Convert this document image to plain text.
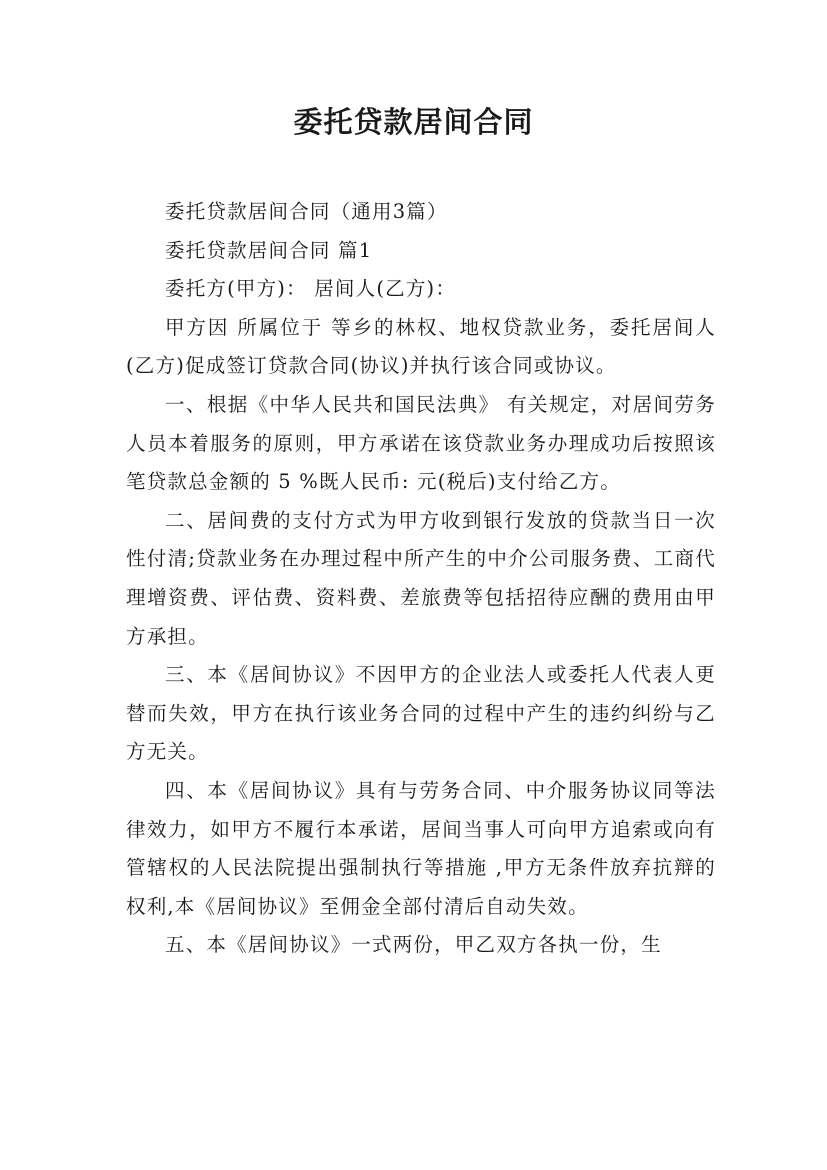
委托贷款居间合同

委托贷款居间合同（通用3篇）

委托贷款居间合同 篇1

委托方(甲方)： 居间人(乙方)：

甲方因 所属位于 等乡的林权、地权贷款业务，委托居间人(乙方)促成签订贷款合同(协议)并执行该合同或协议。

一、根据《中华人民共和国民法典》 有关规定，对居间劳务人员本着服务的原则，甲方承诺在该贷款业务办理成功后按照该笔贷款总金额的 5 %既人民币: 元(税后)支付给乙方。

二、居间费的支付方式为甲方收到银行发放的贷款当日一次性付清;贷款业务在办理过程中所产生的中介公司服务费、工商代理增资费、评估费、资料费、差旅费等包括招待应酬的费用由甲方承担。

三、本《居间协议》不因甲方的企业法人或委托人代表人更替而失效，甲方在执行该业务合同的过程中产生的违约纠纷与乙方无关。

四、本《居间协议》具有与劳务合同、中介服务协议同等法律效力，如甲方不履行本承诺，居间当事人可向甲方追索或向有管辖权的人民法院提出强制执行等措施 ,甲方无条件放弃抗辩的权利,本《居间协议》至佣金全部付清后自动失效。

五、本《居间协议》一式两份，甲乙双方各执一份，生
